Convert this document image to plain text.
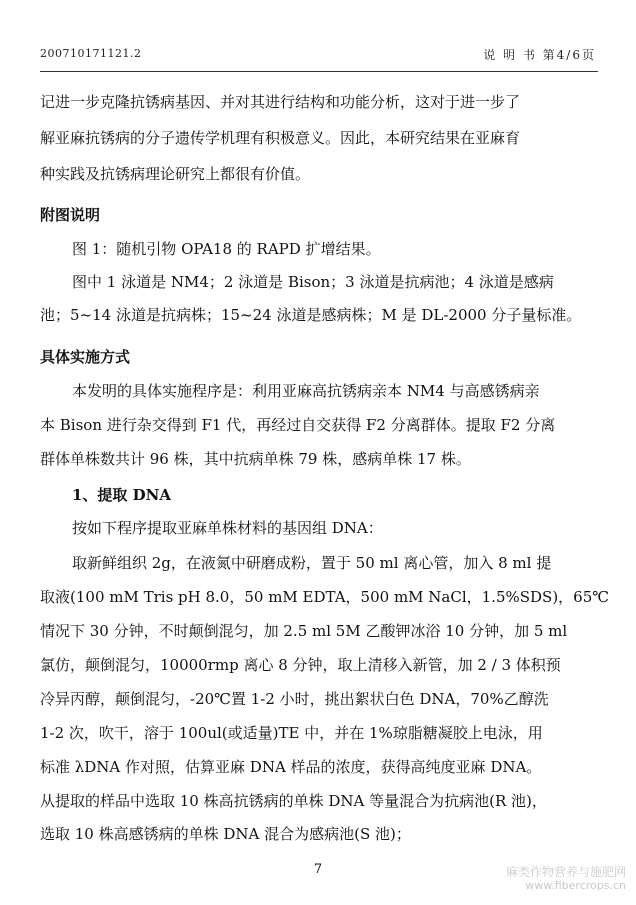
200710171121.2	说 明 书 第4/6页
记进一步克隆抗锈病基因、并对其进行结构和功能分析，这对于进一步了
解亚麻抗锈病的分子遗传学机理有积极意义。因此，本研究结果在亚麻育
种实践及抗锈病理论研究上都很有价值。
附图说明
图 1：随机引物 OPA18 的 RAPD 扩增结果。
图中 1 泳道是 NM4；2 泳道是 Bison；3 泳道是抗病池；4 泳道是感病
池；5~14 泳道是抗病株；15~24 泳道是感病株；M 是 DL-2000 分子量标准。
具体实施方式
本发明的具体实施程序是：利用亚麻高抗锈病亲本 NM4 与高感锈病亲
本 Bison 进行杂交得到 F1 代，再经过自交获得 F2 分离群体。提取 F2 分离
群体单株数共计 96 株，其中抗病单株 79 株，感病单株 17 株。
1、提取 DNA
按如下程序提取亚麻单株材料的基因组 DNA：
取新鲜组织 2g，在液氮中研磨成粉，置于 50 ml 离心管，加入 8 ml 提
取液(100 mM Tris pH 8.0，50 mM EDTA，500 mM NaCl，1.5%SDS)，65℃
情况下 30 分钟，不时颠倒混匀，加 2.5 ml 5M 乙酸钾冰浴 10 分钟，加 5 ml
氯仿，颠倒混匀，10000rmp 离心 8 分钟，取上清移入新管，加 2 / 3 体积预
冷异丙醇，颠倒混匀，-20℃置 1-2 小时，挑出絮状白色 DNA，70%乙醇洗
1-2 次，吹干，溶于 100ul(或适量)TE 中，并在 1%琼脂糖凝胶上电泳，用
标准 λDNA 作对照，估算亚麻 DNA 样品的浓度，获得高纯度亚麻 DNA。
从提取的样品中选取 10 株高抗锈病的单株 DNA 等量混合为抗病池(R 池)，
选取 10 株高感锈病的单株 DNA 混合为感病池(S 池)；
7	麻类作物营养与施肥网
www.fibercrops.cn
